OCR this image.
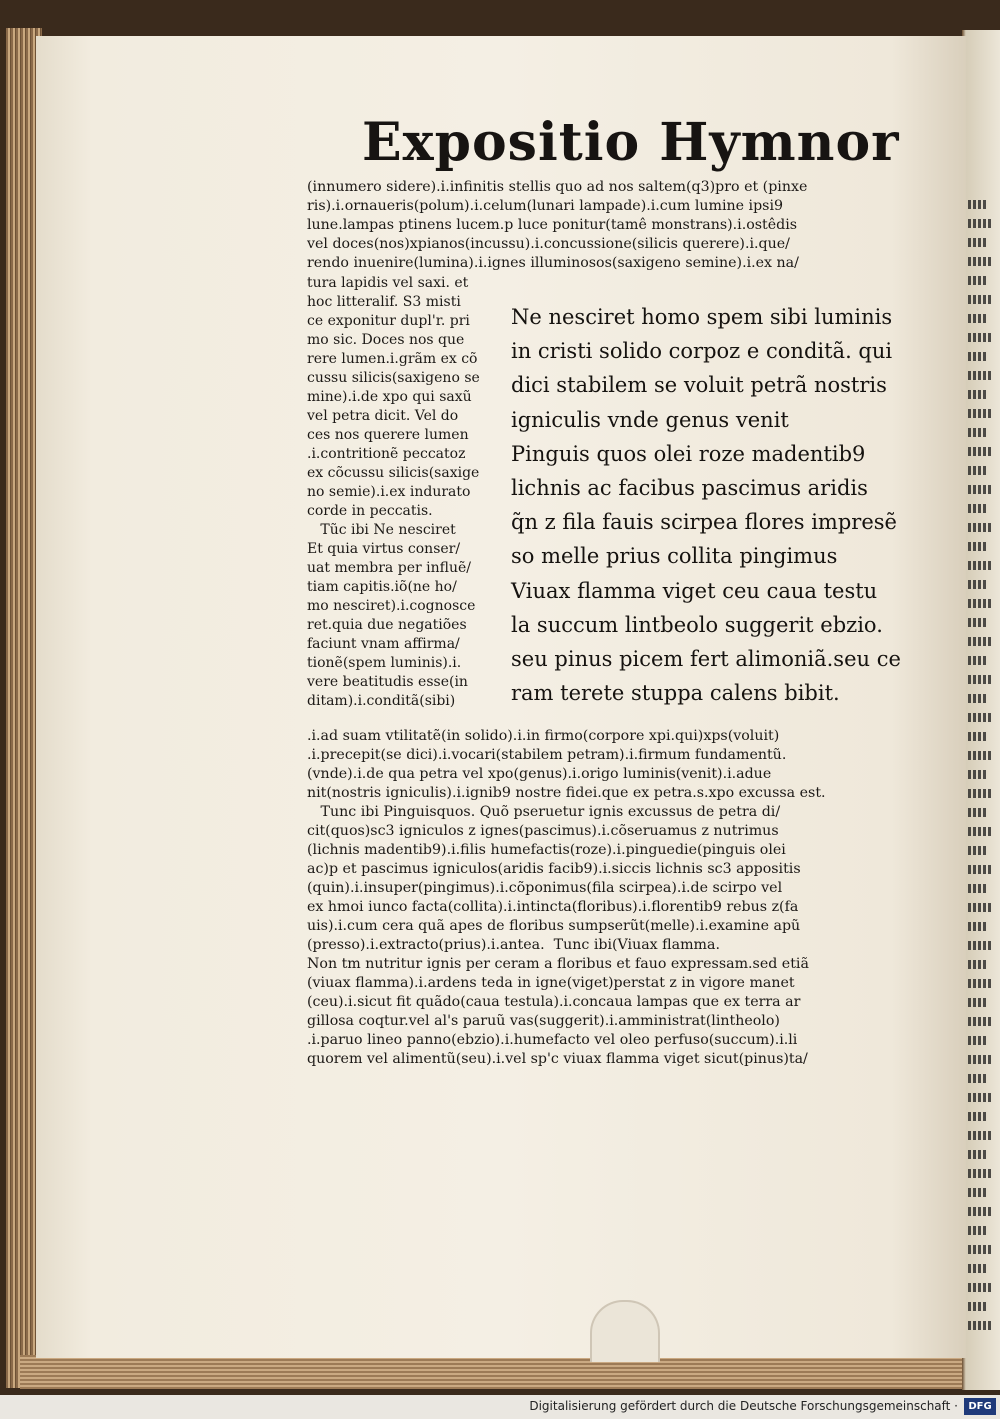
Expositio Hymnor
(innumero sidere).i.infinitis stellis quo ad nos saltem(q3)pro et (pinxe
ris).i.ornaueris(polum).i.celum(lunari lampade).i.cum lumine ipsi9
lune.lampas ptinens lucem.p luce ponitur(tamê monstrans).i.ostêdis
vel doces(nos)xpianos(incussu).i.concussione(silicis querere).i.que/
rendo inuenire(lumina).i.ignes illuminosos(saxigeno semine).i.ex na/
tura lapidis vel saxi. et
hoc litteralif. S3 misti
ce exponitur dupl'r. pri
mo sic. Doces nos que
rere lumen.i.grãm ex cõ
cussu silicis(saxigeno se
mine).i.de xpo qui saxũ
vel petra dicit. Vel do
ces nos querere lumen
.i.contritionẽ peccatoz
ex cõcussu silicis(saxige
no semie).i.ex indurato
corde in peccatis.
Tũc ibi Ne nesciret
Et quia virtus conser/
uat membra per influẽ/
tiam capitis.iõ(ne ho/
mo nesciret).i.cognosce
ret.quia due negatiões
faciunt vnam affirma/
tionẽ(spem luminis).i.
vere beatitudis esse(in
ditam).i.conditã(sibi)
Ne nesciret homo spem sibi luminis
in cristi solido corpoz e conditã. qui
dici stabilem se voluit petrã nostris
igniculis vnde genus venit
Pinguis quos olei roze madentib9
lichnis ac facibus pascimus aridis
q̃n z fila fauis scirpea flores impresẽ
so melle prius collita pingimus
Viuax flamma viget ceu caua testu
la succum lintbeolo suggerit ebzio.
seu pinus picem fert alimoniã.seu ce
ram terete stuppa calens bibit.
.i.ad suam vtilitatẽ(in solido).i.in firmo(corpore xpi.qui)xps(voluit)
.i.precepit(se dici).i.vocari(stabilem petram).i.firmum fundamentũ.
(vnde).i.de qua petra vel xpo(genus).i.origo luminis(venit).i.adue
nit(nostris igniculis).i.ignib9 nostre fidei.que ex petra.s.xpo excussa est.
Tunc ibi Pinguisquos. Quõ pseruetur ignis excussus de petra di/
cit(quos)sc3 igniculos z ignes(pascimus).i.cõseruamus z nutrimus
(lichnis madentib9).i.filis humefactis(roze).i.pinguedie(pinguis olei
ac)p et pascimus igniculos(aridis facib9).i.siccis lichnis sc3 appositis
(quin).i.insuper(pingimus).i.cõponimus(fila scirpea).i.de scirpo vel
ex hmoi iunco facta(collita).i.intincta(floribus).i.florentib9 rebus z(fa
uis).i.cum cera quã apes de floribus sumpserũt(melle).i.examine apũ
(presso).i.extracto(prius).i.antea.  Tunc ibi(Viuax flamma.
Non tm nutritur ignis per ceram a floribus et fauo expressam.sed etiã
(viuax flamma).i.ardens teda in igne(viget)perstat z in vigore manet
(ceu).i.sicut fit quãdo(caua testula).i.concaua lampas que ex terra ar
gillosa coqtur.vel al's paruũ vas(suggerit).i.amministrat(lintheolo)
.i.paruo lineo panno(ebzio).i.humefacto vel oleo perfuso(succum).i.li
quorem vel alimentũ(seu).i.vel sp'c viuax flamma viget sicut(pinus)ta/
Digitalisierung gefördert durch die Deutsche Forschungsgemeinschaft ·	DFG
